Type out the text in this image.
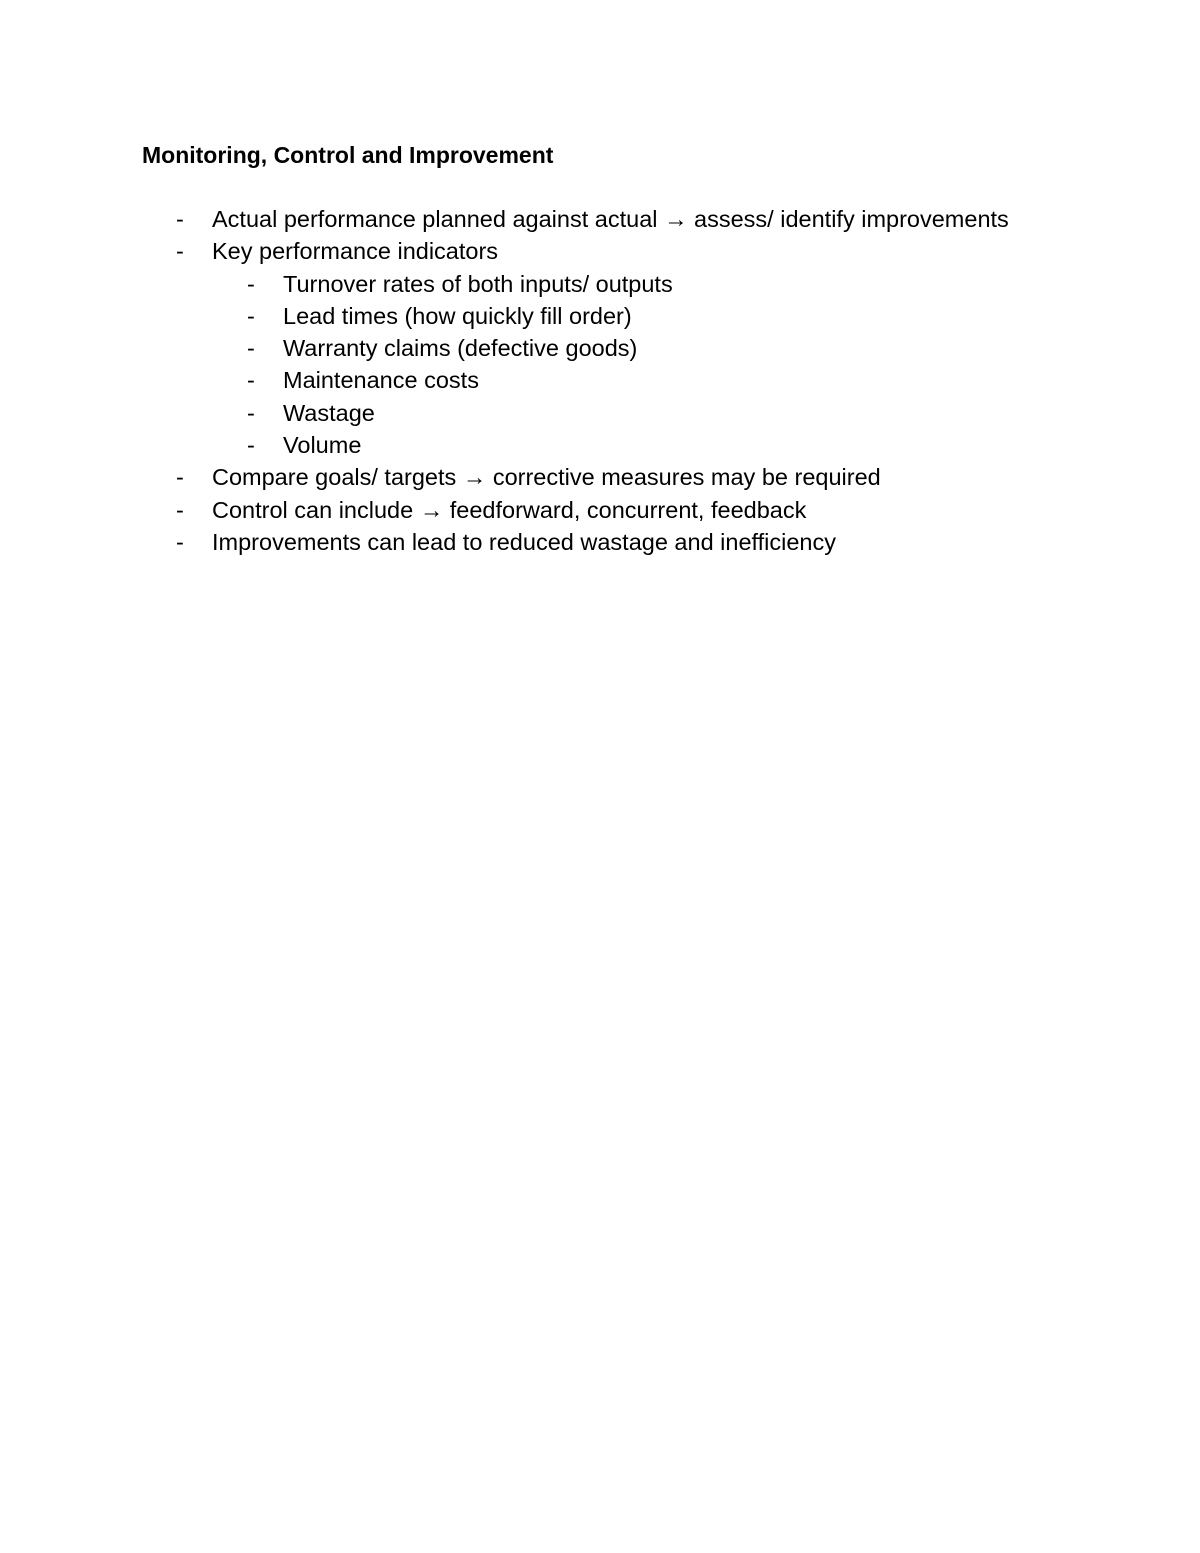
Monitoring, Control and Improvement
- Actual performance planned against actual → assess/ identify improvements
- Key performance indicators
- Turnover rates of both inputs/ outputs
- Lead times (how quickly fill order)
- Warranty claims (defective goods)
- Maintenance costs
- Wastage
- Volume
- Compare goals/ targets → corrective measures may be required
- Control can include → feedforward, concurrent, feedback
- Improvements can lead to reduced wastage and inefficiency
